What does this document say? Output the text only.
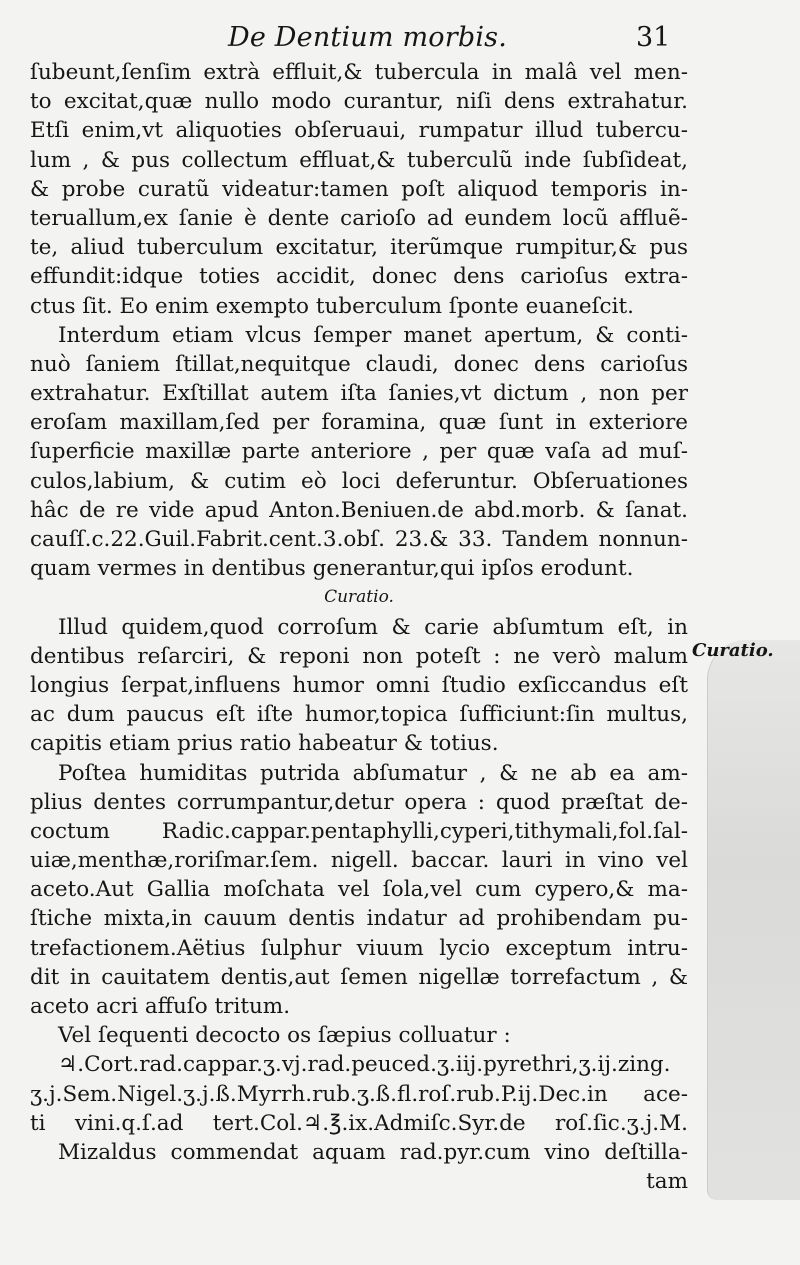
De Dentium morbis.	31
Curatio.
ſubeunt,ſenſim extrà effluit,& tubercula in malâ vel men-
to excitat,quæ nullo modo curantur, niſi dens extrahatur.
Etſi enim,vt aliquoties obſeruaui, rumpatur illud tubercu-
lum , & pus collectum effluat,& tuberculũ inde ſubſideat,
& probe curatũ videatur:tamen poſt aliquod temporis in-
teruallum,ex ſanie è dente carioſo ad eundem locũ affluẽ-
te, aliud tuberculum excitatur, iterũmque rumpitur,& pus
effundit:idque toties accidit, donec dens carioſus extra-
ctus ſit. Eo enim exempto tuberculum ſponte euaneſcit.
Interdum etiam vlcus ſemper manet apertum, & conti-
nuò ſaniem ſtillat,nequitque claudi, donec dens carioſus
extrahatur. Exſtillat autem iſta ſanies,vt dictum , non per
eroſam maxillam,ſed per foramina, quæ ſunt in exteriore
ſuperficie maxillæ parte anteriore , per quæ vaſa ad muſ-
culos,labium, & cutim eò loci deferuntur. Obſeruationes
hâc de re vide apud Anton.Beniuen.de abd.morb. & ſanat.
cauſſ.c.22.Guil.Fabrit.cent.3.obſ. 23.& 33. Tandem nonnun-
quam vermes in dentibus generantur,qui ipſos erodunt.
Curatio.
Illud quidem,quod corroſum & carie abſumtum eſt, in
dentibus reſarciri, & reponi non poteſt : ne verò malum
longius ſerpat,influens humor omni ſtudio exſiccandus eſt
ac dum paucus eſt iſte humor,topica ſufficiunt:ſin multus,
capitis etiam prius ratio habeatur & totius.
Poſtea humiditas putrida abſumatur , & ne ab ea am-
plius dentes corrumpantur,detur opera : quod præſtat de-
coctum Radic.cappar.pentaphylli,cyperi,tithymali,fol.ſal-
uiæ,menthæ,roriſmar.ſem. nigell. baccar. lauri in vino vel
aceto.Aut Gallia moſchata vel ſola,vel cum cypero,& ma-
ſtiche mixta,in cauum dentis indatur ad prohibendam pu-
trefactionem.Aëtius ſulphur viuum lycio exceptum intru-
dit in cauitatem dentis,aut ſemen nigellæ torrefactum , &
aceto acri affuſo tritum.
Vel ſequenti decocto os ſæpius colluatur :
♃.Cort.rad.cappar.ʒ.vj.rad.peuced.ʒ.iij.pyrethri,ʒ.ij.zing.
ʒ.j.Sem.Nigel.ʒ.j.ß.Myrrh.rub.ʒ.ß.fl.roſ.rub.P.ij.Dec.in ace-
ti vini.q.ſ.ad tert.Col.♃.℥.ix.Admiſc.Syr.de roſ.ſic.ʒ.j.M.
Mizaldus commendat aquam rad.pyr.cum vino deſtilla-
tam
